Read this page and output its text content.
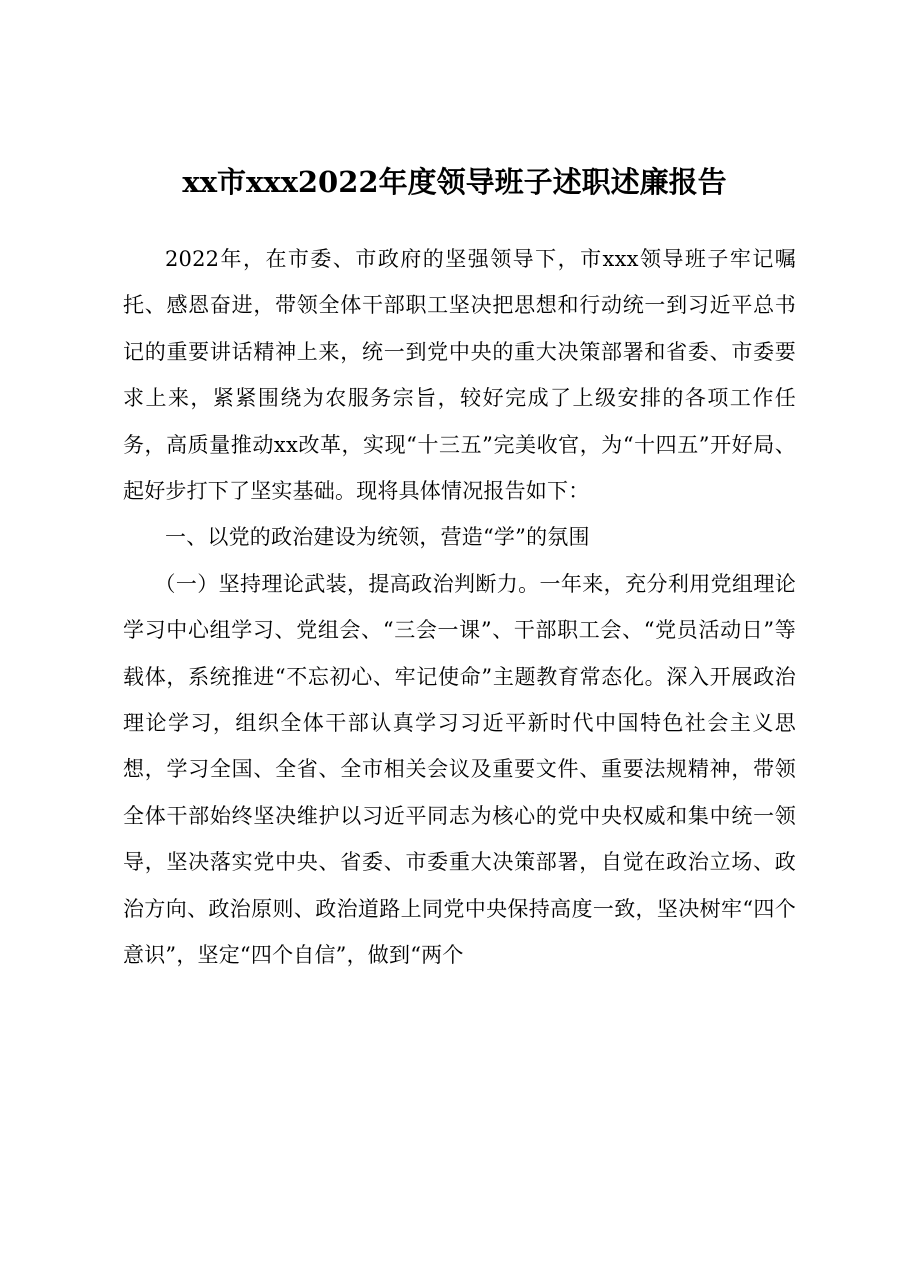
xx市xxx2022年度领导班子述职述廉报告

2022年，在市委、市政府的坚强领导下，市xxx领导班子牢记嘱托、感恩奋进，带领全体干部职工坚决把思想和行动统一到习近平总书记的重要讲话精神上来，统一到党中央的重大决策部署和省委、市委要求上来，紧紧围绕为农服务宗旨，较好完成了上级安排的各项工作任务，高质量推动xx改革，实现“十三五”完美收官，为“十四五”开好局、起好步打下了坚实基础。现将具体情况报告如下：

一、以党的政治建设为统领，营造“学”的氛围

（一）坚持理论武装，提高政治判断力。一年来，充分利用党组理论学习中心组学习、党组会、“三会一课”、干部职工会、“党员活动日”等载体，系统推进“不忘初心、牢记使命”主题教育常态化。深入开展政治理论学习，组织全体干部认真学习习近平新时代中国特色社会主义思想，学习全国、全省、全市相关会议及重要文件、重要法规精神，带领全体干部始终坚决维护以习近平同志为核心的党中央权威和集中统一领导，坚决落实党中央、省委、市委重大决策部署，自觉在政治立场、政治方向、政治原则、政治道路上同党中央保持高度一致，坚决树牢“四个意识”，坚定“四个自信”，做到“两个
